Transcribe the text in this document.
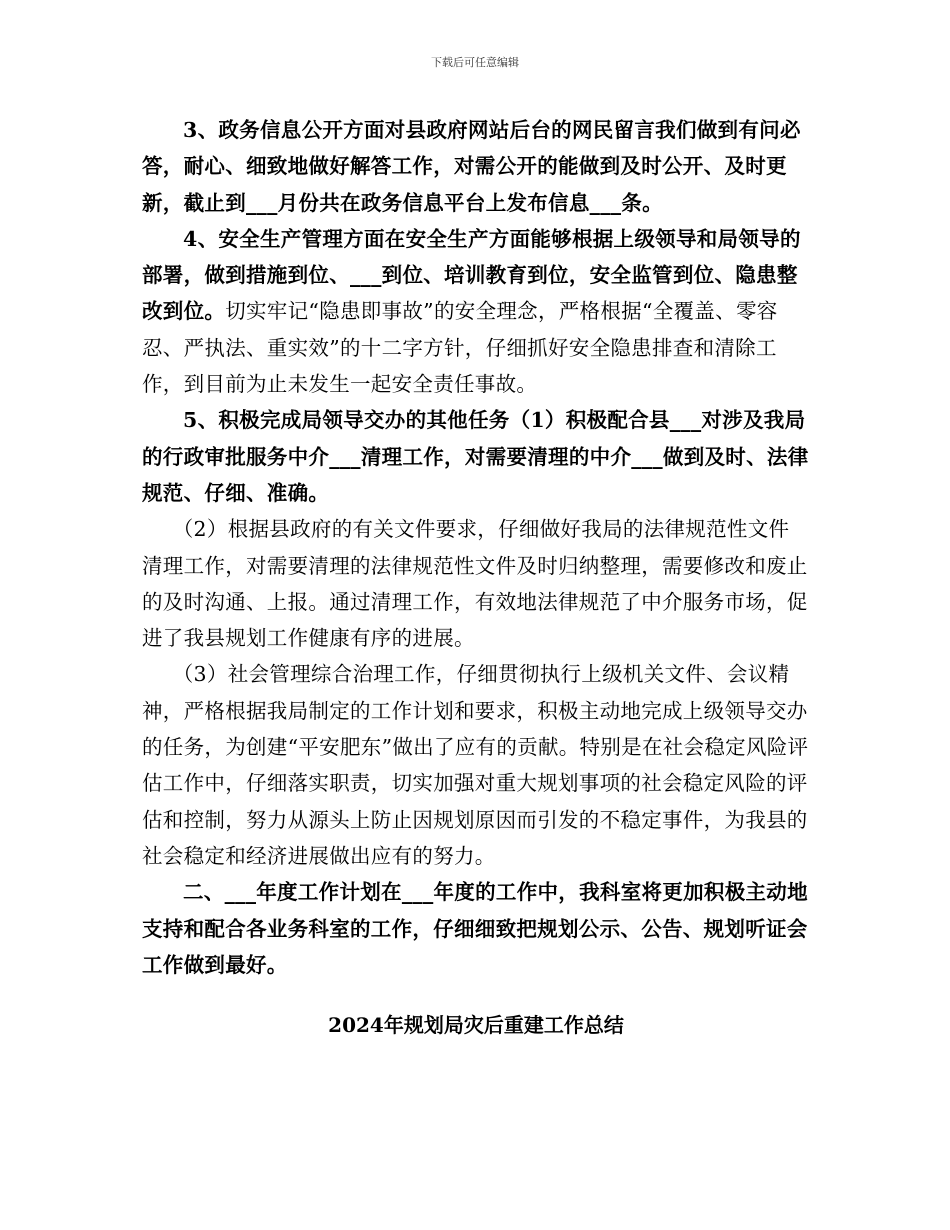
下载后可任意编辑

3、政务信息公开方面对县政府网站后台的网民留言我们做到有问必答，耐心、细致地做好解答工作，对需公开的能做到及时公开、及时更新，截止到___月份共在政务信息平台上发布信息___条。

4、安全生产管理方面在安全生产方面能够根据上级领导和局领导的部署，做到措施到位、___到位、培训教育到位，安全监管到位、隐患整改到位。切实牢记“隐患即事故”的安全理念，严格根据“全覆盖、零容忍、严执法、重实效”的十二字方针，仔细抓好安全隐患排查和清除工作，到目前为止未发生一起安全责任事故。

5、积极完成局领导交办的其他任务（1）积极配合县___对涉及我局的行政审批服务中介___清理工作，对需要清理的中介___做到及时、法律规范、仔细、准确。

（2）根据县政府的有关文件要求，仔细做好我局的法律规范性文件清理工作，对需要清理的法律规范性文件及时归纳整理，需要修改和废止的及时沟通、上报。通过清理工作，有效地法律规范了中介服务市场，促进了我县规划工作健康有序的进展。

（3）社会管理综合治理工作，仔细贯彻执行上级机关文件、会议精神，严格根据我局制定的工作计划和要求，积极主动地完成上级领导交办的任务，为创建“平安肥东”做出了应有的贡献。特别是在社会稳定风险评估工作中，仔细落实职责，切实加强对重大规划事项的社会稳定风险的评估和控制，努力从源头上防止因规划原因而引发的不稳定事件，为我县的社会稳定和经济进展做出应有的努力。

二、___年度工作计划在___年度的工作中，我科室将更加积极主动地支持和配合各业务科室的工作，仔细细致把规划公示、公告、规划听证会工作做到最好。

2024年规划局灾后重建工作总结
